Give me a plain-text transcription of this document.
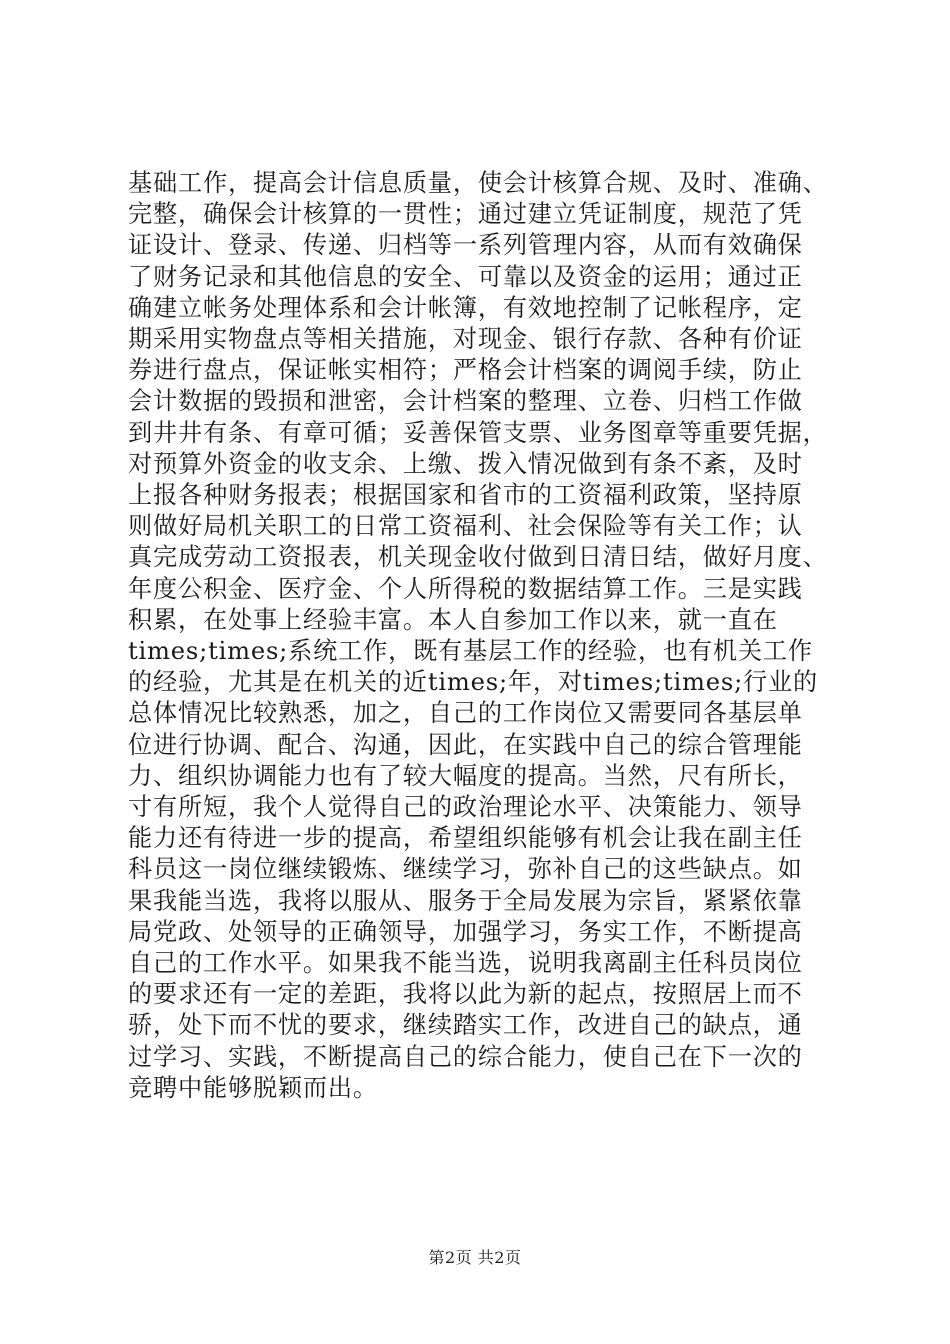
基础工作，提高会计信息质量，使会计核算合规、及时、准确、
完整，确保会计核算的一贯性；通过建立凭证制度，规范了凭
证设计、登录、传递、归档等一系列管理内容，从而有效确保
了财务记录和其他信息的安全、可靠以及资金的运用；通过正
确建立帐务处理体系和会计帐簿，有效地控制了记帐程序，定
期采用实物盘点等相关措施，对现金、银行存款、各种有价证
券进行盘点，保证帐实相符；严格会计档案的调阅手续，防止
会计数据的毁损和泄密，会计档案的整理、立卷、归档工作做
到井井有条、有章可循；妥善保管支票、业务图章等重要凭据，
对预算外资金的收支余、上缴、拨入情况做到有条不紊，及时
上报各种财务报表；根据国家和省市的工资福利政策，坚持原
则做好局机关职工的日常工资福利、社会保险等有关工作；认
真完成劳动工资报表，机关现金收付做到日清日结，做好月度、
年度公积金、医疗金、个人所得税的数据结算工作。三是实践
积累，在处事上经验丰富。本人自参加工作以来，就一直在
times;times;系统工作，既有基层工作的经验，也有机关工作
的经验，尤其是在机关的近times;年，对times;times;行业的
总体情况比较熟悉，加之，自己的工作岗位又需要同各基层单
位进行协调、配合、沟通，因此，在实践中自己的综合管理能
力、组织协调能力也有了较大幅度的提高。当然，尺有所长，
寸有所短，我个人觉得自己的政治理论水平、决策能力、领导
能力还有待进一步的提高，希望组织能够有机会让我在副主任
科员这一岗位继续锻炼、继续学习，弥补自己的这些缺点。如
果我能当选，我将以服从、服务于全局发展为宗旨，紧紧依靠
局党政、处领导的正确领导，加强学习，务实工作，不断提高
自己的工作水平。如果我不能当选，说明我离副主任科员岗位
的要求还有一定的差距，我将以此为新的起点，按照居上而不
骄，处下而不忧的要求，继续踏实工作，改进自己的缺点，通
过学习、实践，不断提高自己的综合能力，使自己在下一次的
竞聘中能够脱颖而出。
第2页 共2页
